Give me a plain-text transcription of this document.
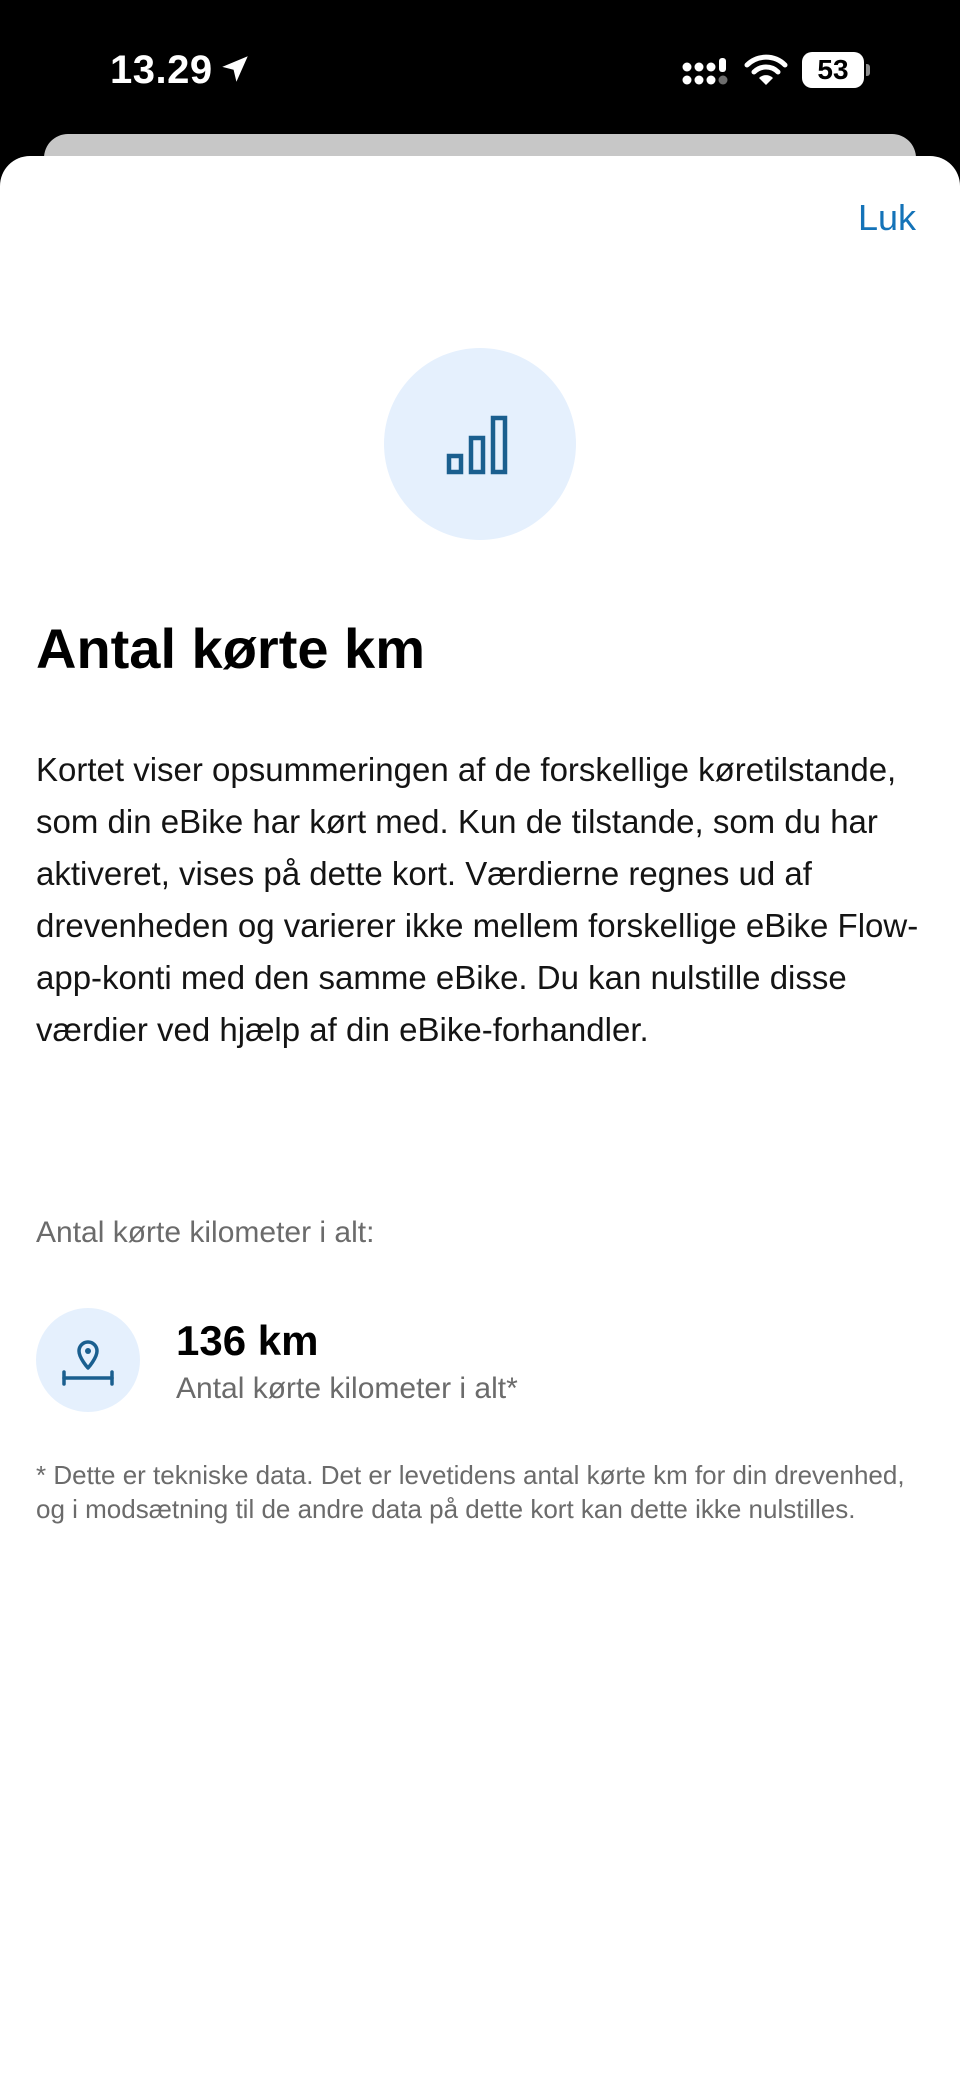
13.29	53
Luk
Antal kørte km

Kortet viser opsummeringen af de forskellige køretilstande, som din eBike har kørt med. Kun de tilstande, som du har aktiveret, vises på dette kort. Værdierne regnes ud af drevenheden og varierer ikke mellem forskellige eBike Flow-app-konti med den samme eBike. Du kan nulstille disse værdier ved hjælp af din eBike-forhandler.

Antal kørte kilometer i alt:
136 km
Antal kørte kilometer i alt*

* Dette er tekniske data. Det er levetidens antal kørte km for din drevenhed, og i modsætning til de andre data på dette kort kan dette ikke nulstilles.
